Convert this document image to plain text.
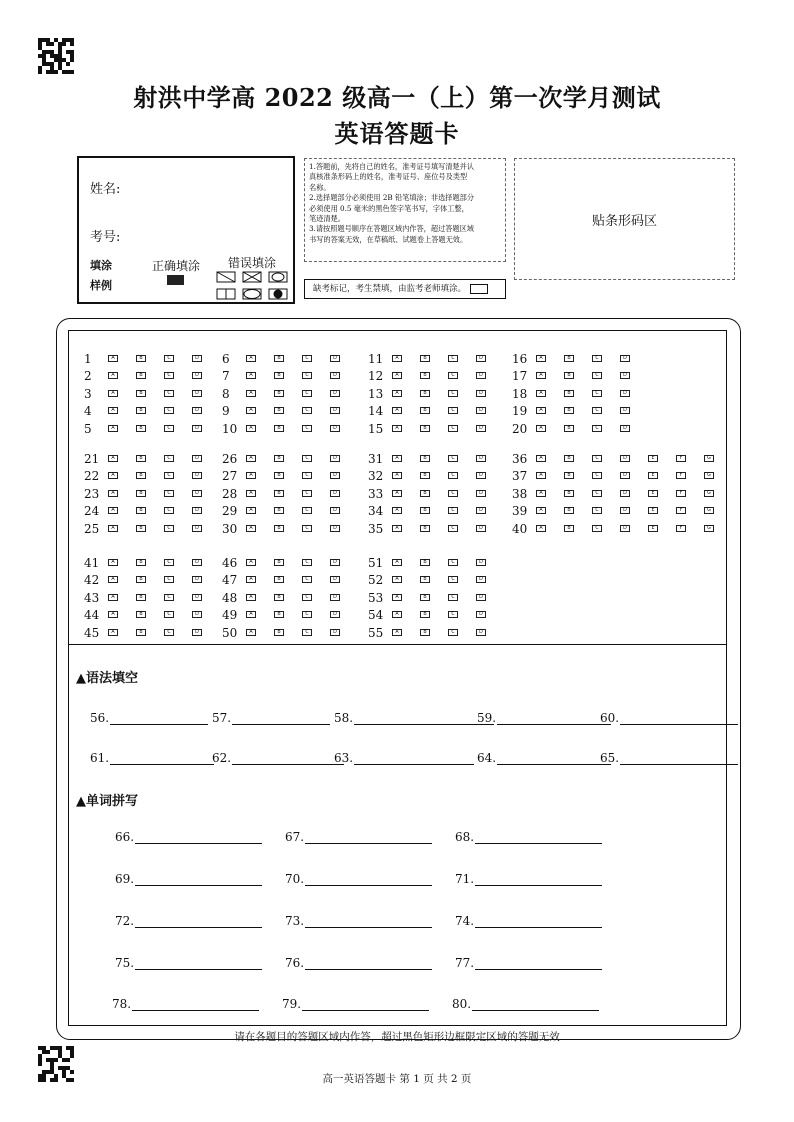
射洪中学高 2022 级高一（上）第一次学月测试
英语答题卡
姓名:
考号:
填涂
样例
正确填涂 错误填涂
1.答题前，先将自己的姓名，准考证号填写清楚并认
真核准条形码上的姓名，准考证号、座位号及类型
名称。
2.选择题部分必须使用 2B 铅笔填涂；非选择题部分
必须使用 0.5 毫米的黑色签字笔书写，字体工整，
笔迹清楚。
3.请按照题号顺序在答题区域内作答，超过答题区域
书写的答案无效，在草稿纸、试题卷上答题无效。
缺考标记，考生禁填，由监考老师填涂。
贴条形码区
1	A	B	C	D
2	A	B	C	D
3	A	B	C	D
4	A	B	C	D
5	A	B	C	D
6	A	B	C	D
7	A	B	C	D
8	A	B	C	D
9	A	B	C	D
10	A	B	C	D
11	A	B	C	D
12	A	B	C	D
13	A	B	C	D
14	A	B	C	D
15	A	B	C	D
16	A	B	C	D
17	A	B	C	D
18	A	B	C	D
19	A	B	C	D
20	A	B	C	D
21	A	B	C	D
22	A	B	C	D
23	A	B	C	D
24	A	B	C	D
25	A	B	C	D
26	A	B	C	D
27	A	B	C	D
28	A	B	C	D
29	A	B	C	D
30	A	B	C	D
31	A	B	C	D
32	A	B	C	D
33	A	B	C	D
34	A	B	C	D
35	A	B	C	D
36	A	B	C	D	E	F	G
37	A	B	C	D	E	F	G
38	A	B	C	D	E	F	G
39	A	B	C	D	E	F	G
40	A	B	C	D	E	F	G
41	A	B	C	D
42	A	B	C	D
43	A	B	C	D
44	A	B	C	D
45	A	B	C	D
46	A	B	C	D
47	A	B	C	D
48	A	B	C	D
49	A	B	C	D
50	A	B	C	D
51	A	B	C	D
52	A	B	C	D
53	A	B	C	D
54	A	B	C	D
55	A	B	C	D
▲语法填空
56.	57.	58.	59.	60.
61.	62.	63.	64.	65.
▲单词拼写
66.	67.	68.
69.	70.	71.
72.	73.	74.
75.	76.	77.
78.	79.	80.
请在各题目的答题区域内作答，超过黑色矩形边框限定区域的答题无效
高一英语答题卡 第 1 页 共 2 页
